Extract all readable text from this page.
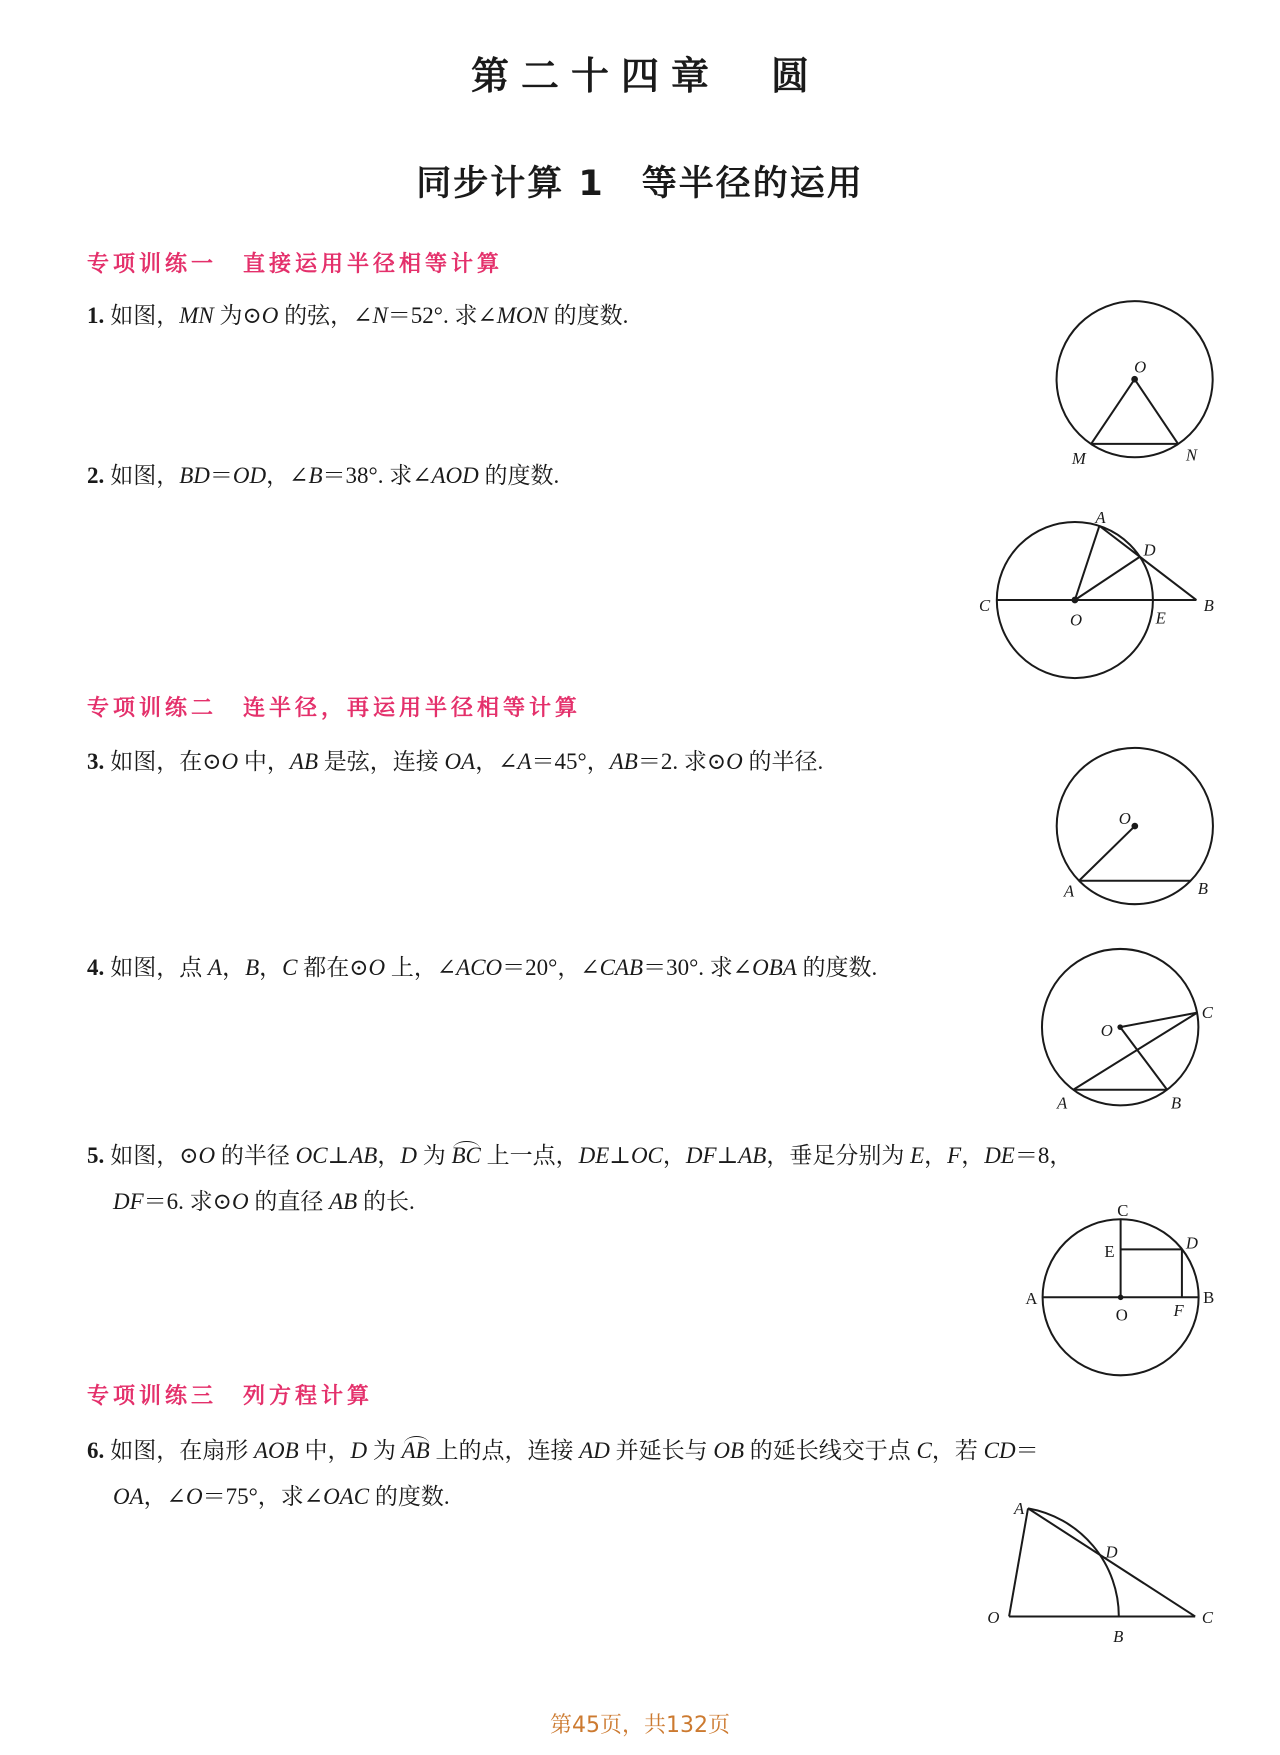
第二十四章　圆
同步计算 1　等半径的运用
专项训练一　直接运用半径相等计算
1. 如图， MN 为⊙ O 的弦，∠ N ＝52°. 求∠ MON 的度数.
O
M	N
2. 如图， BD ＝ OD ，∠ B ＝38°. 求∠ AOD 的度数.
A
D
C
O	E
B
专项训练二　连半径，再运用半径相等计算
3. 如图，在⊙ O 中， AB 是弦，连接 OA ，∠ A ＝45°， AB ＝2. 求⊙ O 的半径.
O
A	B
4. 如图，点 A ， B ， C 都在⊙ O 上，∠ ACO ＝20°，∠ CAB ＝30°. 求∠ OBA 的度数.
O
C
A	B
5. 如图，⊙ O 的半径 OC ⊥ AB ， D 为 BC 上一点， DE ⊥ OC ， DF ⊥ AB ，垂足分别为 E ， F ， DE ＝8，
DF ＝6. 求⊙ O 的直径 AB 的长.	C
E	D
A
O	F
B
专项训练三　列方程计算
6. 如图，在扇形 AOB 中， D 为 AB 上的点，连接 AD 并延长与 OB 的延长线交于点 C ，若 CD ＝
OA ，∠ O ＝75°，求∠ OAC 的度数.	A
D
O
B
C
第45页，共132页
